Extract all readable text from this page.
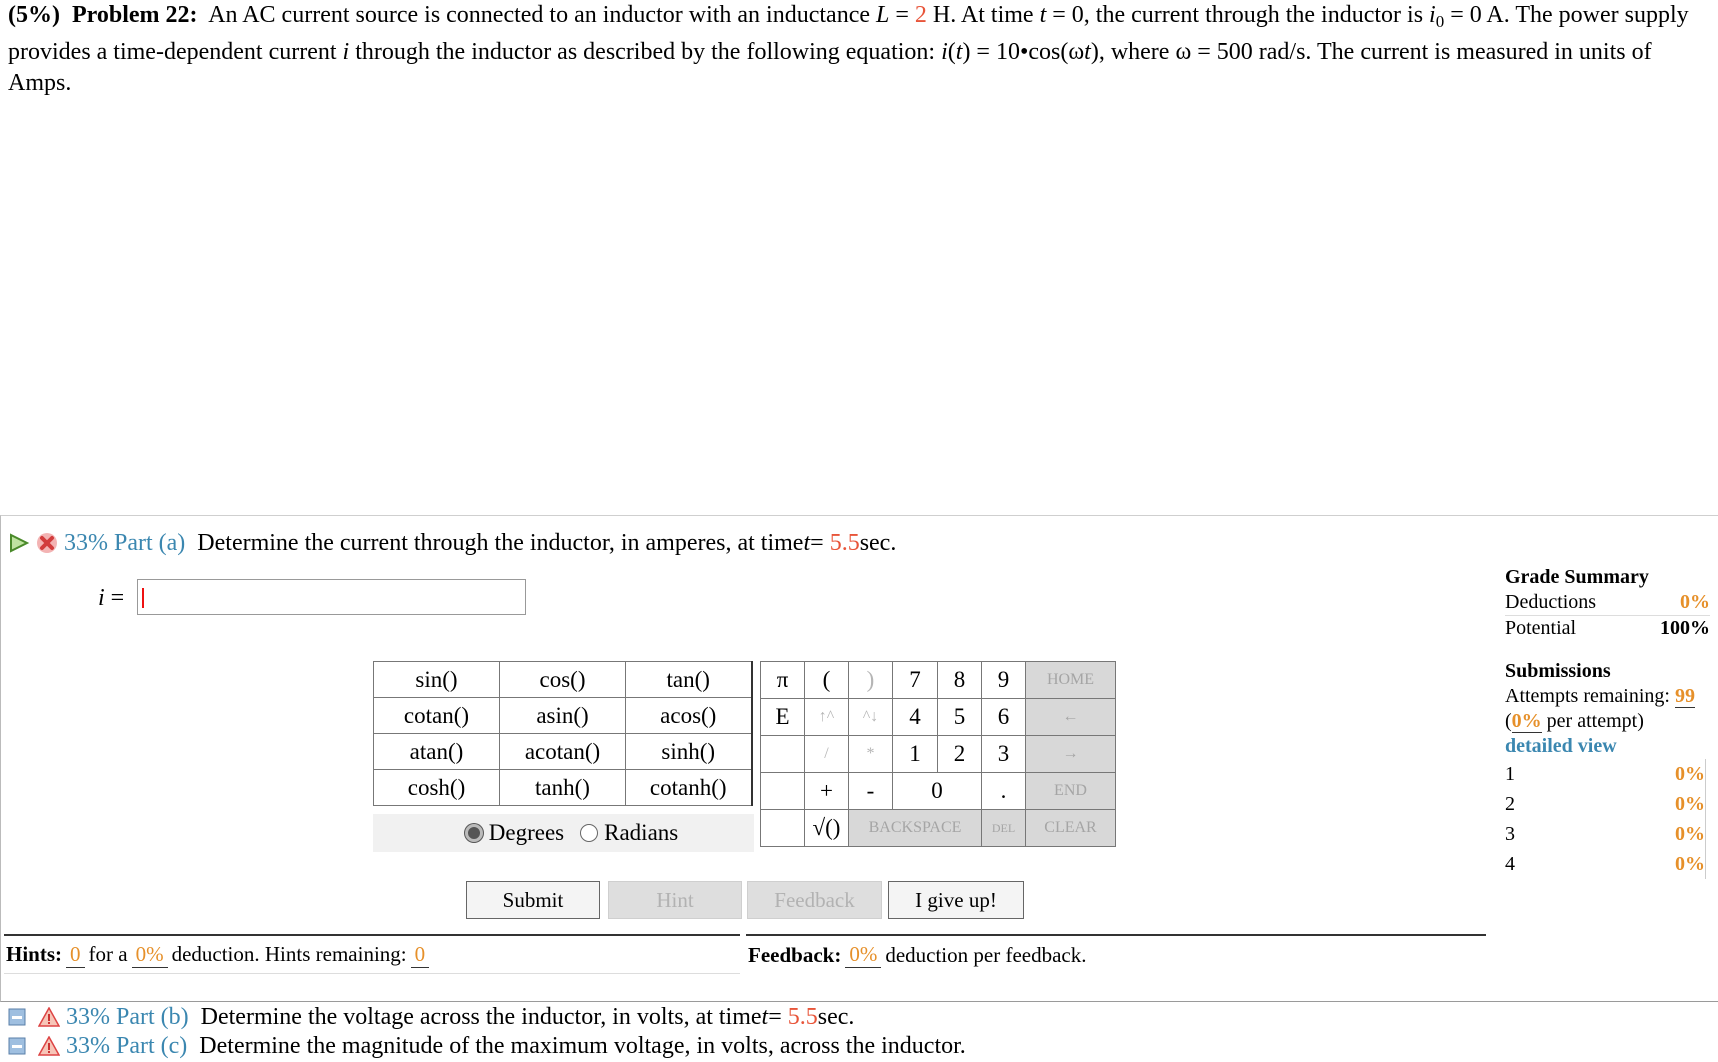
(5%) Problem 22: An AC current source is connected to an inductor with an inductance L = 2 H. At time t = 0, the current through the inductor is $i_0 = 0$ A. The power supply provides a time-dependent current i through the inductor as described by the following equation: i(t) = 10•cos(ωt), where ω = 500 rad/s. The current is measured in units of Amps.
33% Part (a) Determine the current through the inductor, in amperes, at time t =
5.5 sec.
i =
sin()	cos()	tan()
cotan()	asin()	acos()
atan()	acotan()	sinh()
cosh()	tanh()	cotanh()
Degrees Radians
π	(	)	7	8	9	HOME
E	↑^	^↓	4	5	6	←
	/	*	1	2	3	→
	+	-	0		.	END
	√()	BACKSPACE			DEL	CLEAR
Submit	Hint	Feedback	I give up!
Hints: 0 for a 0% deduction. Hints remaining: 0	Feedback: 0% deduction per feedback.
Grade Summary
Deductions	0%
Potential	100%
Submissions
Attempts remaining: 99
(0% per attempt)
detailed view
1	0%
2	0%
3	0%
4	0%
33% Part (b) Determine the voltage across the inductor, in volts, at time t =
5.5 sec.
33% Part (c) Determine the magnitude of the maximum voltage, in volts, across the inductor.
